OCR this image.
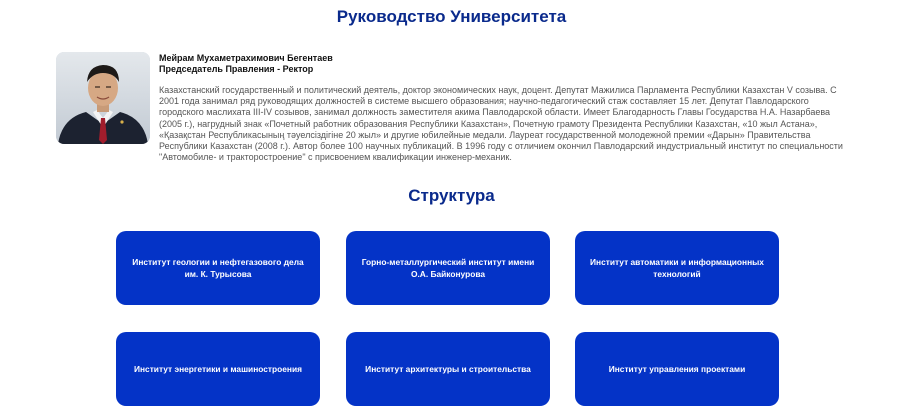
Руководство Университета
Мейрам Мухаметрахимович Бегентаев
Председатель Правления - Ректор

Казахстанский государственный и политический деятель, доктор экономических наук, доцент. Депутат Мажилиса Парламента Республики Казахстан V созыва. С 2001 года занимал ряд руководящих должностей в системе высшего образования; научно-педагогический стаж составляет 15 лет. Депутат Павлодарского городского маслихата III-IV созывов, занимал должность заместителя акима Павлодарской области. Имеет Благодарность Главы Государства Н.А. Назарбаева (2005 г.), нагрудный знак «Почетный работник образования Республики Казахстан», Почетную грамоту Президента Республики Казахстан, «10 жыл Астана», «Қазақстан Республикасының тәуелсіздігіне 20 жыл» и другие юбилейные медали. Лауреат государственной молодежной премии «Дарын» Правительства Республики Казахстан (2008 г.). Автор более 100 научных публикаций. В 1996 году с отличием окончил Павлодарский индустриальный институт по специальности "Автомобиле- и тракторостроение" с присвоением квалификации инженер-механик.

Структура
Институт геологии и нефтегазового дела им. К. Турысова
Горно-металлургический институт имени О.А. Байконурова
Институт автоматики и информационных технологий
Институт энергетики и машиностроения	Институт архитектуры и строительства	Институт управления проектами
